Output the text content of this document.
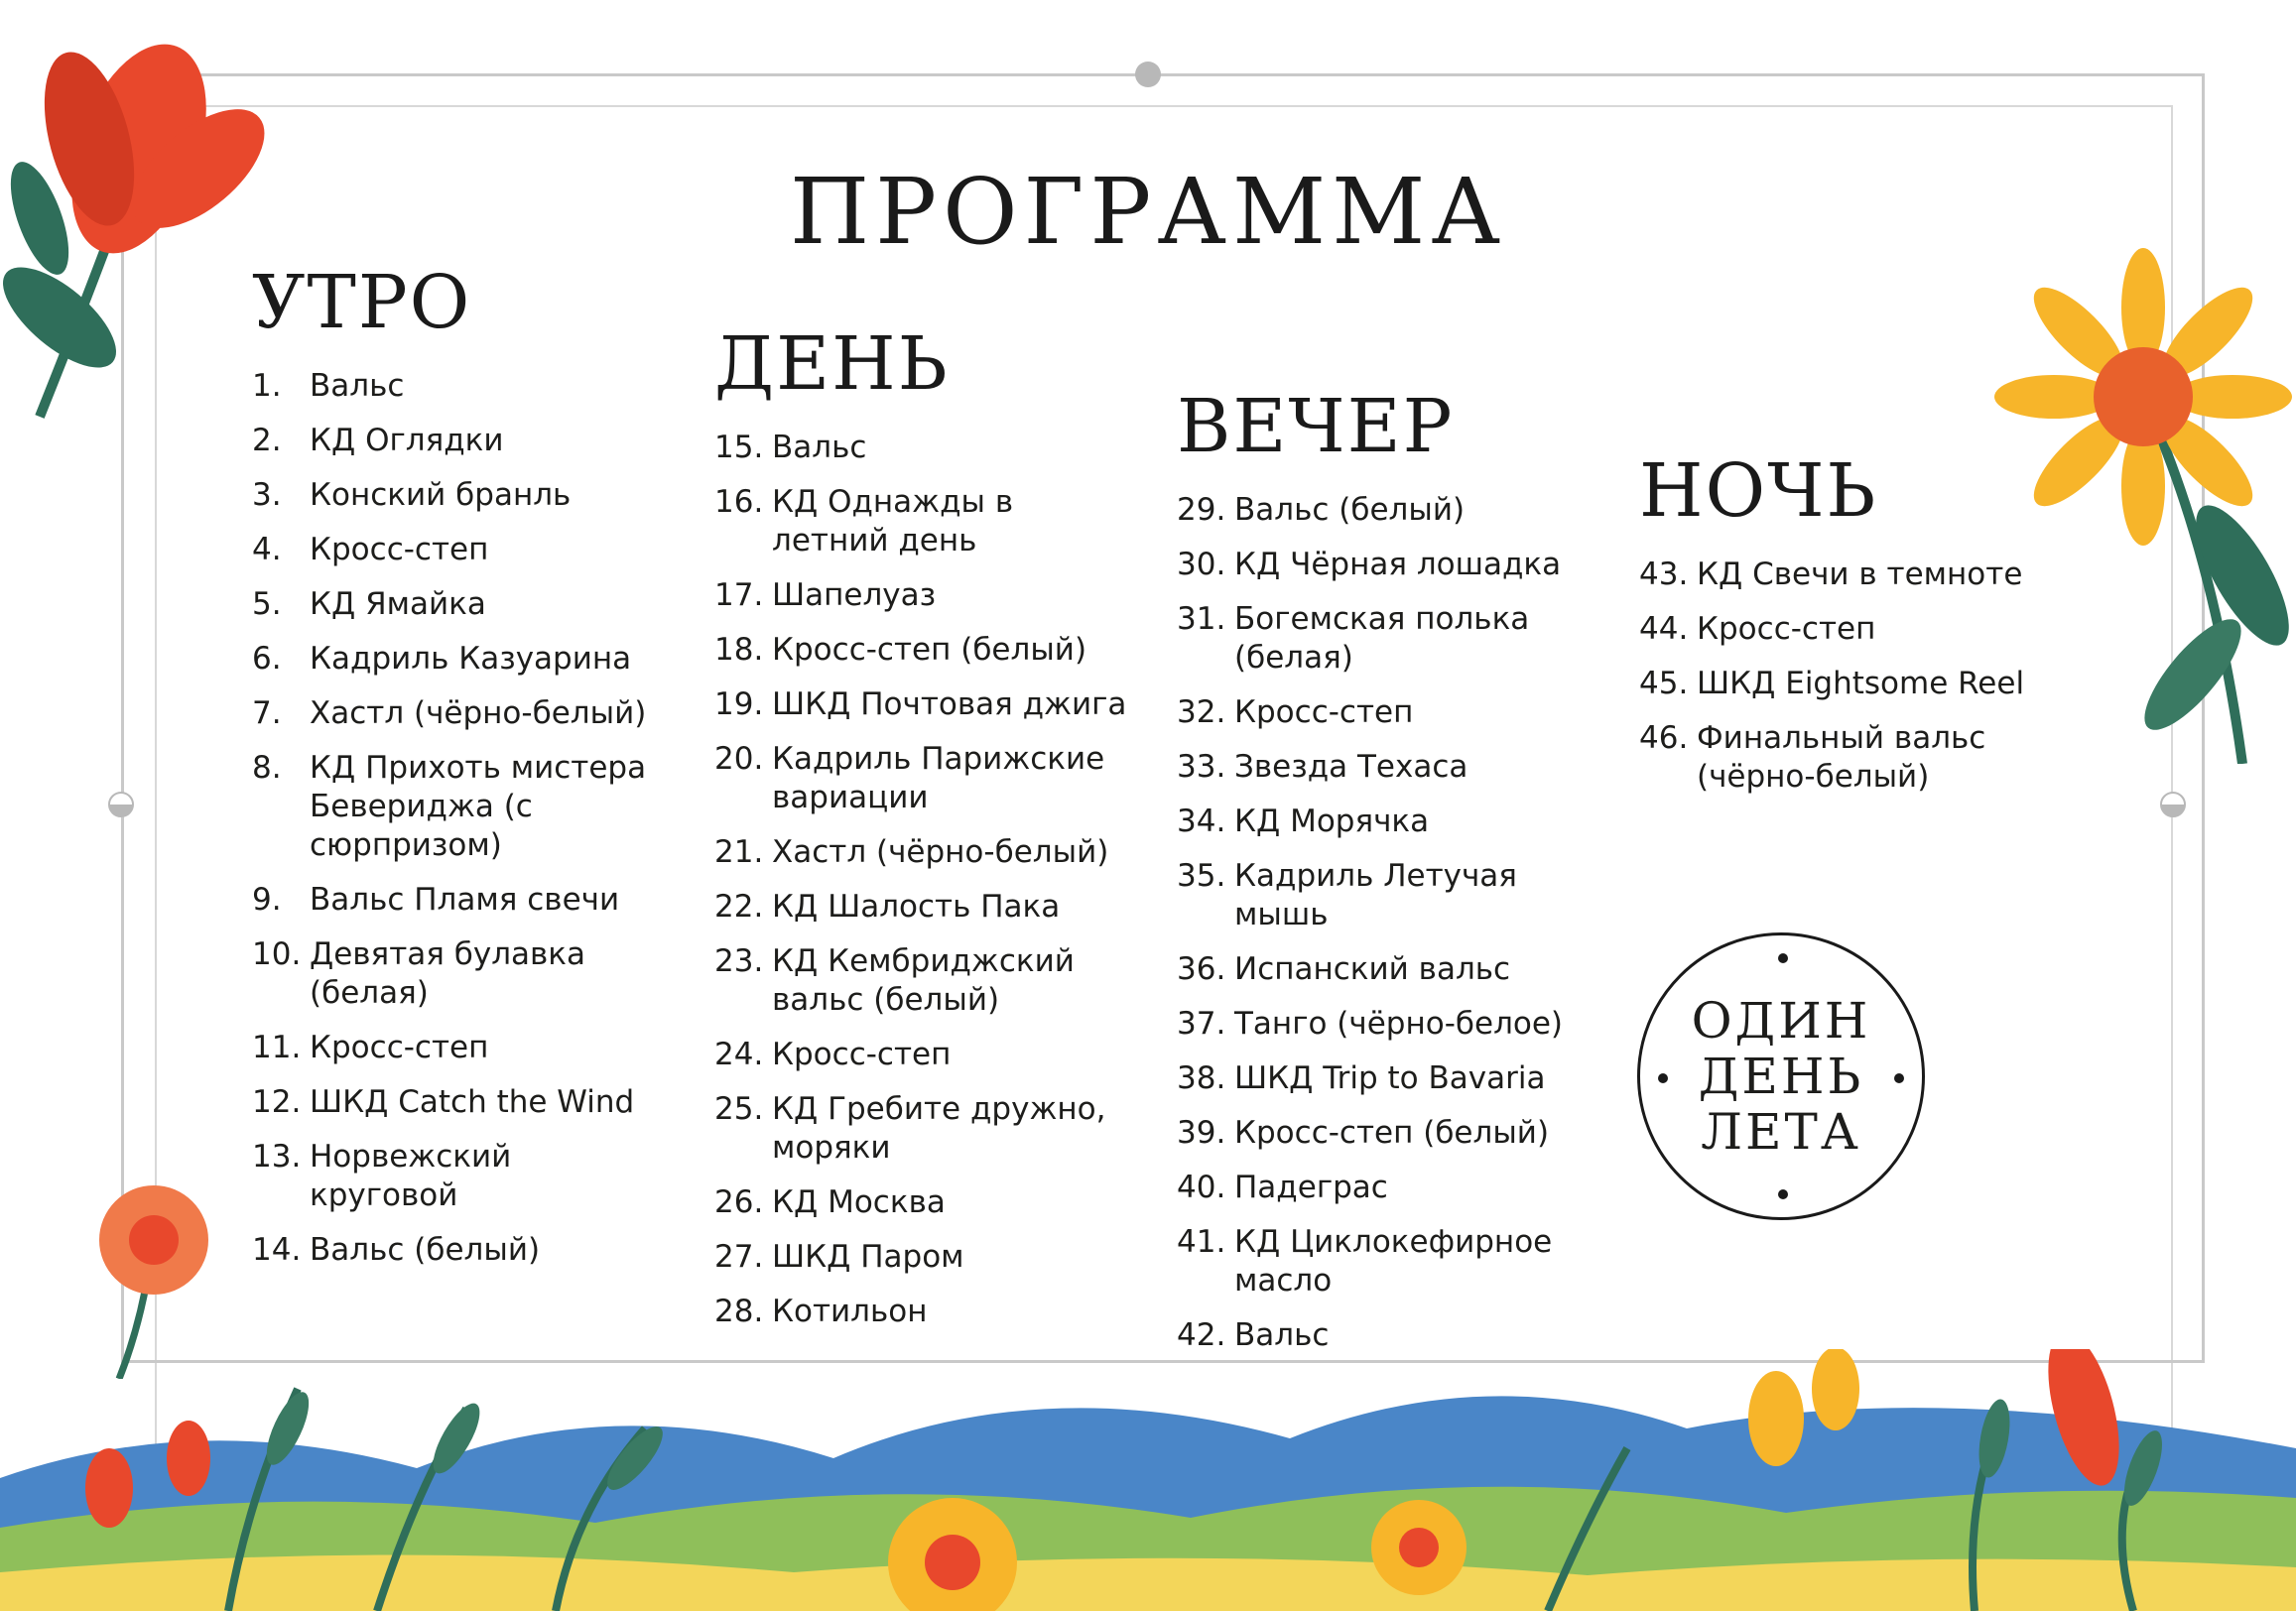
ПРОГРАММА
УТРО
1. Вальс
2. КД Оглядки
3. Конский бранль
4. Кросс-степ
5. КД Ямайка
6. Кадриль Казуарина
7. Хастл (чёрно-белый)
8. КД Прихоть мистера Бевериджа (с сюрпризом)
9. Вальс Пламя свечи
10. Девятая булавка (белая)
11. Кросс-степ
12. ШКД Catch the Wind
13. Норвежский круговой
14. Вальс (белый)
ДЕНЬ
15. Вальс
16. КД Однажды в летний день
17. Шапелуаз
18. Кросс-степ (белый)
19. ШКД Почтовая джига
20. Кадриль Парижские вариации
21. Хастл (чёрно-белый)
22. КД Шалость Пака
23. КД Кембриджский вальс (белый)
24. Кросс-степ
25. КД Гребите дружно, моряки
26. КД Москва
27. ШКД Паром
28. Котильон
ВЕЧЕР
29. Вальс (белый)
30. КД Чёрная лошадка
31. Богемская полька (белая)
32. Кросс-степ
33. Звезда Техаса
34. КД Морячка
35. Кадриль Летучая мышь
36. Испанский вальс
37. Танго (чёрно-белое)
38. ШКД Trip to Bavaria
39. Кросс-степ (белый)
40. Падеграс
41. КД Циклокефирное масло
42. Вальс
НОЧЬ
43. КД Свечи в темноте
44. Кросс-степ
45. ШКД Eightsome Reel
46. Финальный вальс (чёрно-белый)
ОДИН
ДЕНЬ
ЛЕТА
